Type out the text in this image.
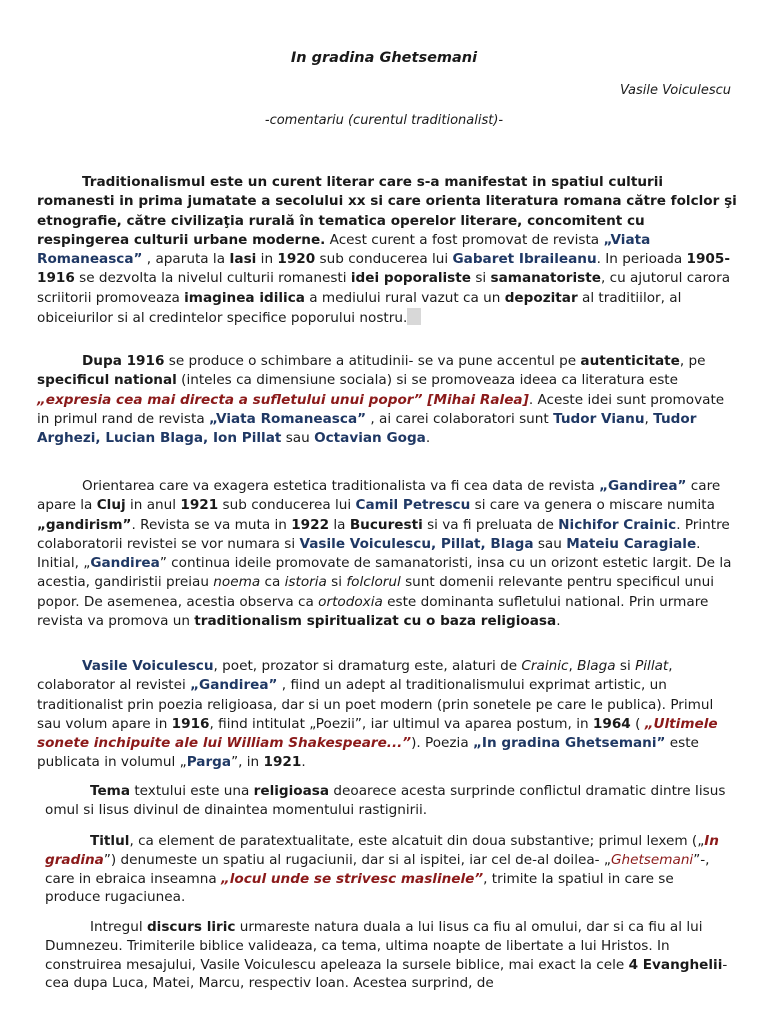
In gradina Ghetsemani
Vasile Voiculescu
-comentariu (curentul traditionalist)-
Traditionalismul este un curent literar care s-a manifestat in spatiul culturii romanesti in prima jumatate a secolului xx si care orienta literatura romana către folclor şi etnografie, către civilizaţia rurală în tematica operelor literare, concomitent cu respingerea culturii urbane moderne. Acest curent a fost promovat de revista „Viata Romaneasca” , aparuta la Iasi in 1920 sub conducerea lui Gabaret Ibraileanu. In perioada 1905-1916 se dezvolta la nivelul culturii romanesti idei poporaliste si samanatoriste, cu ajutorul carora scriitorii promoveaza imaginea idilica a mediului rural vazut ca un depozitar al traditiilor, al obiceiurilor si al credintelor specifice poporului nostru.
Dupa 1916 se produce o schimbare a atitudinii- se va pune accentul pe autenticitate, pe specificul national (inteles ca dimensiune sociala) si se promoveaza ideea ca literatura este „expresia cea mai directa a sufletului unui popor” [Mihai Ralea]. Aceste idei sunt promovate in primul rand de revista „Viata Romaneasca” , ai carei colaboratori sunt Tudor Vianu, Tudor Arghezi, Lucian Blaga, Ion Pillat sau Octavian Goga.
Orientarea care va exagera estetica traditionalista va fi cea data de revista „Gandirea” care apare la Cluj in anul 1921 sub conducerea lui Camil Petrescu si care va genera o miscare numita „gandirism”. Revista se va muta in 1922 la Bucuresti si va fi preluata de Nichifor Crainic. Printre colaboratorii revistei se vor numara si Vasile Voiculescu, Pillat, Blaga sau Mateiu Caragiale. Initial, „Gandirea” continua ideile promovate de samanatoristi, insa cu un orizont estetic largit. De la acestia, gandiristii preiau noema ca istoria si folclorul sunt domenii relevante pentru specificul unui popor. De asemenea, acestia observa ca ortodoxia este dominanta sufletului national. Prin urmare revista va promova un traditionalism spiritualizat cu o baza religioasa.
Vasile Voiculescu, poet, prozator si dramaturg este, alaturi de Crainic, Blaga si Pillat, colaborator al revistei „Gandirea” , fiind un adept al traditionalismului exprimat artistic, un traditionalist prin poezia religioasa, dar si un poet modern (prin sonetele pe care le publica). Primul sau volum apare in 1916, fiind intitulat „Poezii”, iar ultimul va aparea postum, in 1964 ( „Ultimele sonete inchipuite ale lui William Shakespeare...”). Poezia „In gradina Ghetsemani” este publicata in volumul „Parga”, in 1921.
Tema textului este una religioasa deoarece acesta surprinde conflictul dramatic dintre Iisus omul si Iisus divinul de dinaintea momentului rastignirii.
Titlul, ca element de paratextualitate, este alcatuit din doua substantive; primul lexem („In gradina”) denumeste un spatiu al rugaciunii, dar si al ispitei, iar cel de-al doilea- „Ghetsemani”-, care in ebraica inseamna „locul unde se strivesc maslinele”, trimite la spatiul in care se produce rugaciunea.
Intregul discurs liric urmareste natura duala a lui Iisus ca fiu al omului, dar si ca fiu al lui Dumnezeu. Trimiterile biblice valideaza, ca tema, ultima noapte de libertate a lui Hristos. In construirea mesajului, Vasile Voiculescu apeleaza la sursele biblice, mai exact la cele 4 Evanghelii- cea dupa Luca, Matei, Marcu, respectiv Ioan. Acestea surprind, de
